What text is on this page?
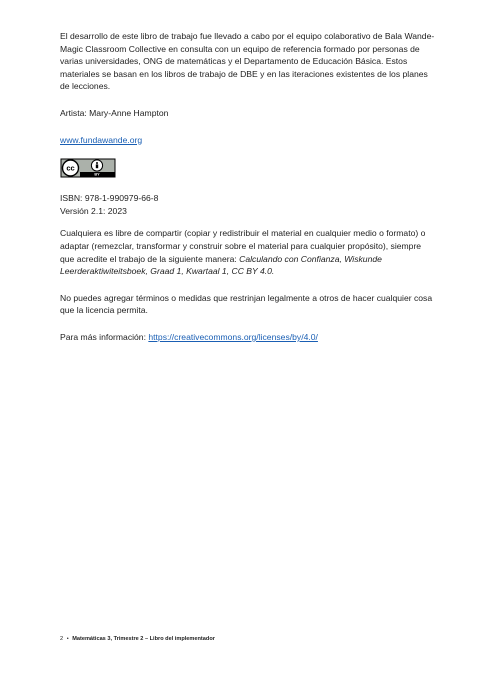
El desarrollo de este libro de trabajo fue llevado a cabo por el equipo colaborativo de Bala Wande-Magic Classroom Collective en consulta con un equipo de referencia formado por personas de varias universidades, ONG de matemáticas y el Departamento de Educación Básica. Estos materiales se basan en los libros de trabajo de DBE y en las iteraciones existentes de los planes de lecciones.

Artista: Mary-Anne Hampton

www.fundawande.org

cc
BY

ISBN: 978-1-990979-66-8

Versión 2.1: 2023

Cualquiera es libre de compartir (copiar y redistribuir el material en cualquier medio o formato) o adaptar (remezclar, transformar y construir sobre el material para cualquier propósito), siempre que acredite el trabajo de la siguiente manera: Calculando con Confianza, Wiskunde Leerderaktiwiteitsboek, Graad 1, Kwartaal 1, CC BY 4.0.

No puedes agregar términos o medidas que restrinjan legalmente a otros de hacer cualquier cosa que la licencia permita.

Para más información: https://creativecommons.org/licenses/by/4.0/

2 • Matemáticas 3, Trimestre 2 – Libro del implementador
